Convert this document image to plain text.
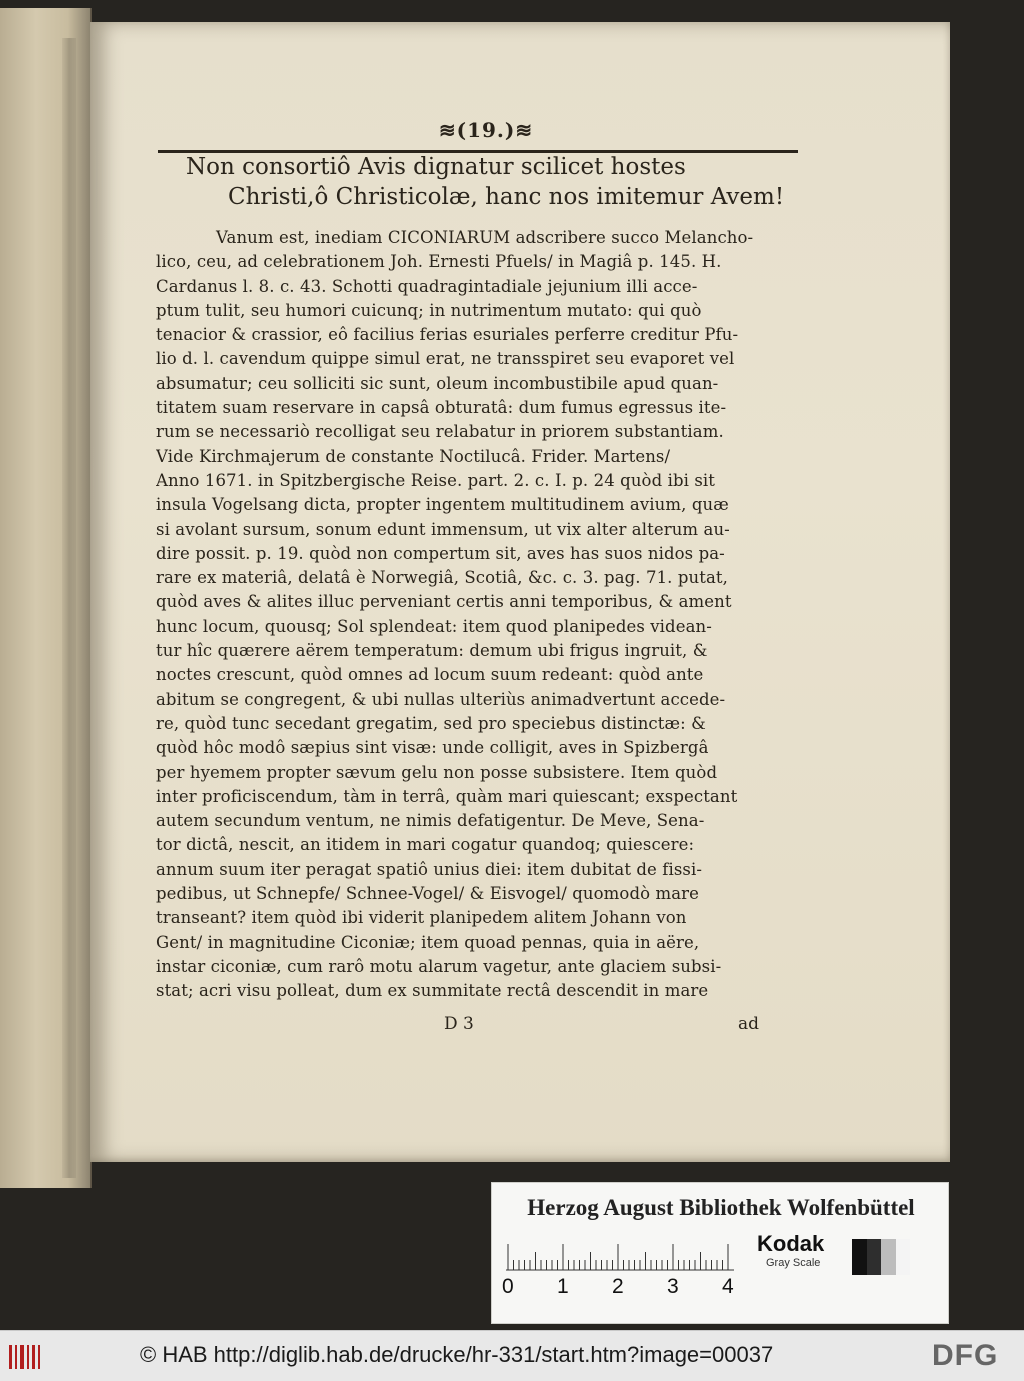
≋(19.)≋
Non consortiô Avis dignatur scilicet hostes
Christi,ô Christicolæ, hanc nos imitemur Avem!
Vanum est, inediam CICONIARUM adscribere succo Melancho-
lico, ceu, ad celebrationem Joh. Ernesti Pfuels/ in Magiâ p. 145. H.
Cardanus l. 8. c. 43. Schotti quadragintadiale jejunium illi acce-
ptum tulit, seu humori cuicunq; in nutrimentum mutato: qui quò
tenacior & crassior, eô facilius ferias esuriales perferre creditur Pfu-
lio d. l. cavendum quippe simul erat, ne transspiret seu evaporet vel
absumatur; ceu solliciti sic sunt, oleum incombustibile apud quan-
titatem suam reservare in capsâ obturatâ: dum fumus egressus ite-
rum se necessariò recolligat seu relabatur in priorem substantiam.
Vide Kirchmajerum de constante Noctilucâ. Frider. Martens/
Anno 1671. in Spitzbergische Reise. part. 2. c. I. p. 24 quòd ibi sit
insula Vogelsang dicta, propter ingentem multitudinem avium, quæ
si avolant sursum, sonum edunt immensum, ut vix alter alterum au-
dire possit. p. 19. quòd non compertum sit, aves has suos nidos pa-
rare ex materiâ, delatâ è Norwegiâ, Scotiâ, &c. c. 3. pag. 71. putat,
quòd aves & alites illuc perveniant certis anni temporibus, & ament
hunc locum, quousq; Sol splendeat: item quod planipedes videan-
tur hîc quærere aërem temperatum: demum ubi frigus ingruit, &
noctes crescunt, quòd omnes ad locum suum redeant: quòd ante
abitum se congregent, & ubi nullas ulteriùs animadvertunt accede-
re, quòd tunc secedant gregatim, sed pro speciebus distinctæ: &
quòd hôc modô sæpius sint visæ: unde colligit, aves in Spizbergâ
per hyemem propter sævum gelu non posse subsistere. Item quòd
inter proficiscendum, tàm in terrâ, quàm mari quiescant; exspectant
autem secundum ventum, ne nimis defatigentur. De Meve, Sena-
tor dictâ, nescit, an itidem in mari cogatur quandoq; quiescere:
annum suum iter peragat spatiô unius diei: item dubitat de fissi-
pedibus, ut Schnepfe/ Schnee-Vogel/ & Eisvogel/ quomodò mare
transeant? item quòd ibi viderit planipedem alitem Johann von
Gent/ in magnitudine Ciconiæ; item quoad pennas, quia in aëre,
instar ciconiæ, cum rarô motu alarum vagetur, ante glaciem subsi-
stat; acri visu polleat, dum ex summitate rectâ descendit in mare
D 3	ad
Herzog August Bibliothek Wolfenbüttel
0 1 2 3 4
Kodak
Gray Scale
© HAB http://diglib.hab.de/drucke/hr-331/start.htm?image=00037	DFG
